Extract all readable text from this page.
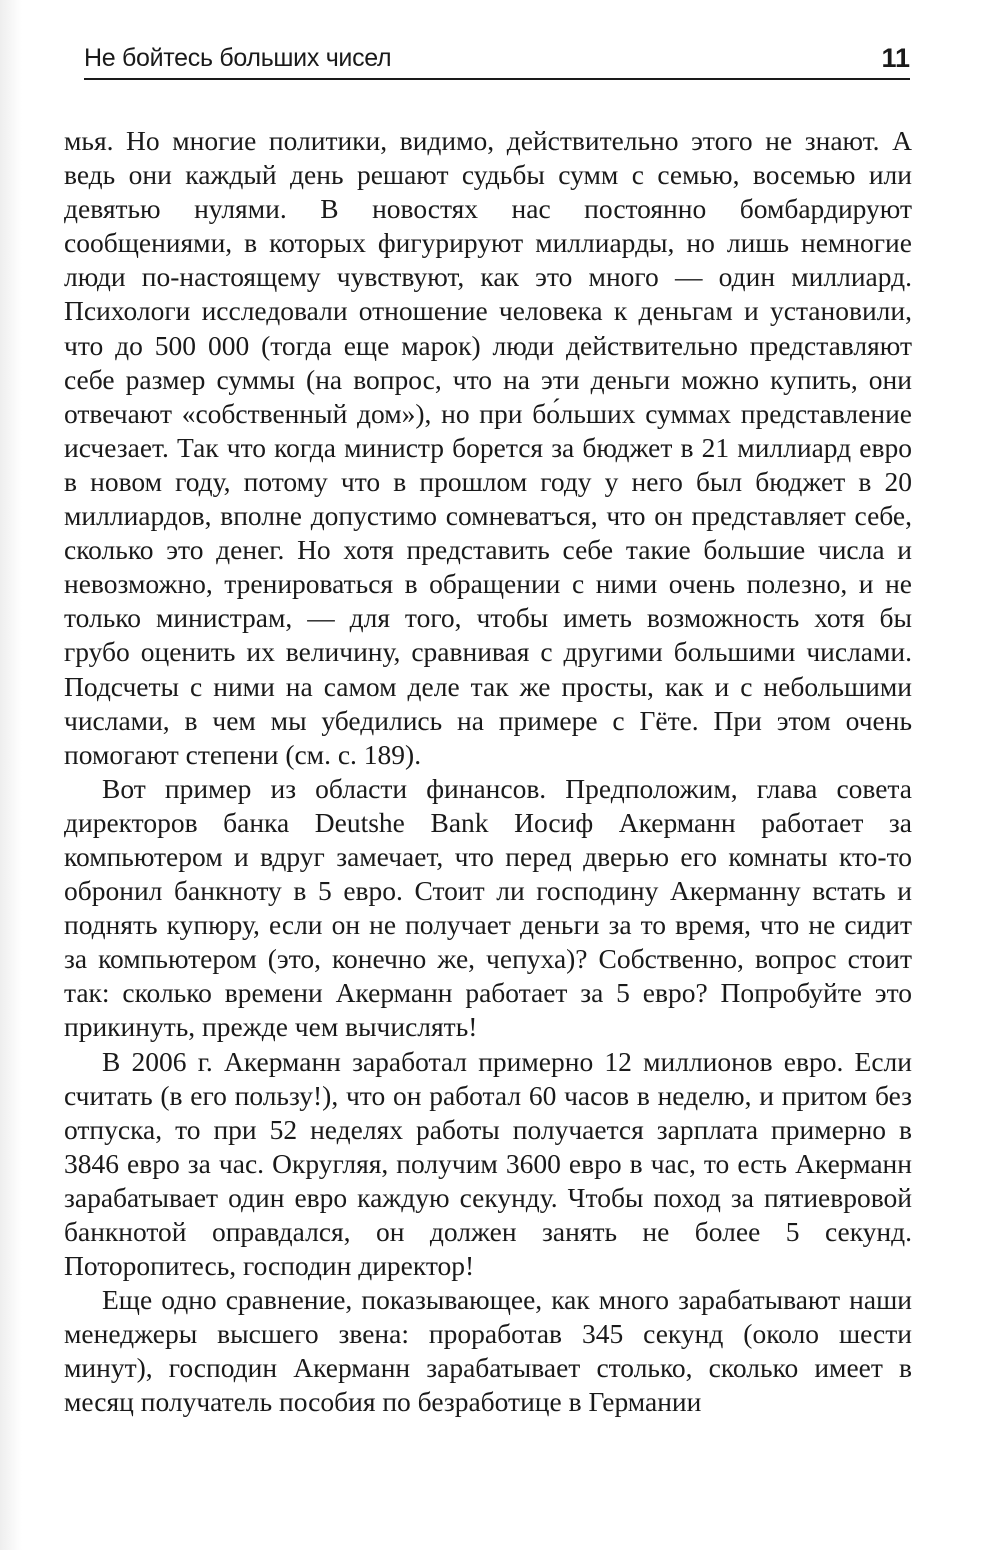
Не бойтесь больших чисел	11

мья. Но многие политики, видимо, действительно этого не знают. А ведь они каждый день решают судьбы сумм с семью, восемью или девятью нулями. В новостях нас постоянно бомбардируют сообщениями, в которых фигурируют миллиарды, но лишь немногие люди по-настоящему чувствуют, как это много — один миллиард. Психологи исследовали отношение человека к деньгам и установили, что до 500 000 (тогда еще марок) люди действительно представляют себе размер суммы (на вопрос, что на эти деньги можно купить, они отвечают «собственный дом»), но при бо́льших суммах представление исчезает. Так что когда министр борется за бюджет в 21 миллиард евро в новом году, потому что в прошлом году у него был бюджет в 20 миллиардов, вполне допустимо сомневатъся, что он представляет себе, сколько это денег. Но хотя представить себе такие большие числа и невозможно, тренироваться в обращении с ними очень полезно, и не только министрам, — для того, чтобы иметь возможность хотя бы грубо оценить их величину, сравнивая с другими большими числами. Подсчеты с ними на самом деле так же просты, как и с небольшими числами, в чем мы убедились на примере с Гёте. При этом очень помогают степени (см. с. 189).

Вот пример из области финансов. Предположим, глава совета директоров банка Deutshe Bank Иосиф Акерманн работает за компьютером и вдруг замечает, что перед дверью его комнаты кто-то обронил банкноту в 5 евро. Стоит ли господину Акерманну встать и поднять купюру, если он не получает деньги за то время, что не сидит за компьютером (это, конечно же, чепуха)? Собственно, вопрос стоит так: сколько времени Акерманн работает за 5 евро? Попробуйте это прикинуть, прежде чем вычислять!

В 2006 г. Акерманн заработал примерно 12 миллионов евро. Если считать (в его пользу!), что он работал 60 часов в неделю, и притом без отпуска, то при 52 неделях работы получается зарплата примерно в 3846 евро за час. Округляя, получим 3600 евро в час, то есть Акерманн зарабатывает один евро каждую секунду. Чтобы поход за пятиевровой банкнотой оправдался, он должен занять не более 5 секунд. Поторопитесь, господин директор!

Еще одно сравнение, показывающее, как много зарабатывают наши менеджеры высшего звена: проработав 345 секунд (около шести минут), господин Акерманн зарабатывает столько, сколько имеет в месяц получатель пособия по безработице в Германии
